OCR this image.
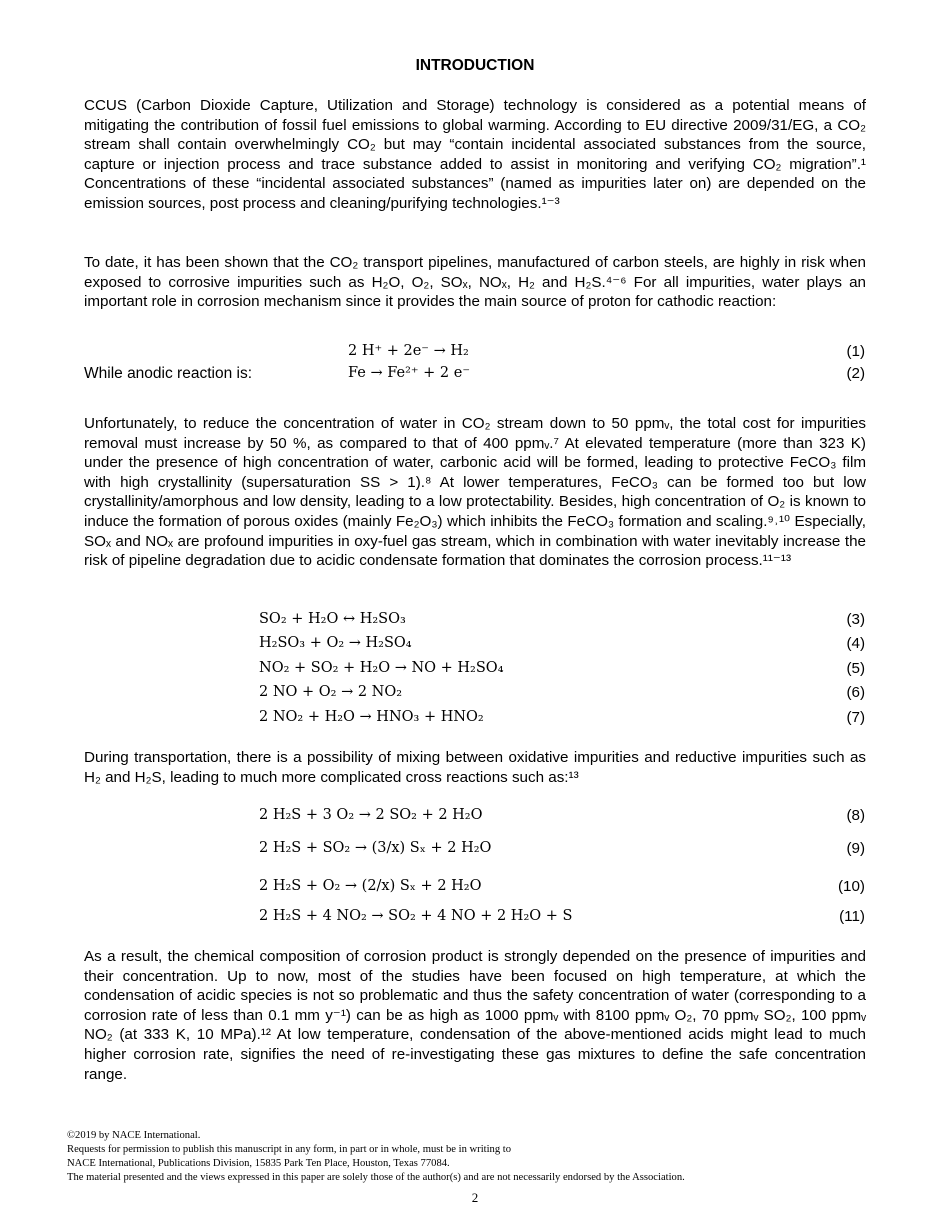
INTRODUCTION

CCUS (Carbon Dioxide Capture, Utilization and Storage) technology is considered as a potential means of mitigating the contribution of fossil fuel emissions to global warming. According to EU directive 2009/31/EG, a CO₂ stream shall contain overwhelmingly CO₂ but may “contain incidental associated substances from the source, capture or injection process and trace substance added to assist in monitoring and verifying CO₂ migration”.¹ Concentrations of these “incidental associated substances” (named as impurities later on) are depended on the emission sources, post process and cleaning/purifying technologies.¹⁻³

To date, it has been shown that the CO₂ transport pipelines, manufactured of carbon steels, are highly in risk when exposed to corrosive impurities such as H₂O, O₂, SOₓ, NOₓ, H₂ and H₂S.⁴⁻⁶ For all impurities, water plays an important role in corrosion mechanism since it provides the main source of proton for cathodic reaction:

2 H⁺ + 2e⁻ → H₂	(1)
While anodic reaction is:	Fe → Fe²⁺ + 2 e⁻	(2)

Unfortunately, to reduce the concentration of water in CO₂ stream down to 50 ppmᵥ, the total cost for impurities removal must increase by 50 %, as compared to that of 400 ppmᵥ.⁷ At elevated temperature (more than 323 K) under the presence of high concentration of water, carbonic acid will be formed, leading to protective FeCO₃ film with high crystallinity (supersaturation SS > 1).⁸ At lower temperatures, FeCO₃ can be formed too but low crystallinity/amorphous and low density, leading to a low protectability. Besides, high concentration of O₂ is known to induce the formation of porous oxides (mainly Fe₂O₃) which inhibits the FeCO₃ formation and scaling.⁹˒¹⁰ Especially, SOₓ and NOₓ are profound impurities in oxy-fuel gas stream, which in combination with water inevitably increase the risk of pipeline degradation due to acidic condensate formation that dominates the corrosion process.¹¹⁻¹³

SO₂ + H₂O ↔ H₂SO₃	(3)
H₂SO₃ + O₂ → H₂SO₄	(4)
NO₂ + SO₂ + H₂O → NO + H₂SO₄	(5)
2 NO + O₂ → 2 NO₂	(6)
2 NO₂ + H₂O → HNO₃ + HNO₂	(7)

During transportation, there is a possibility of mixing between oxidative impurities and reductive impurities such as H₂ and H₂S, leading to much more complicated cross reactions such as:¹³

2 H₂S + 3 O₂ → 2 SO₂ + 2 H₂O	(8)
2 H₂S + SO₂ → (3/x) Sₓ + 2 H₂O	(9)
2 H₂S + O₂ → (2/x) Sₓ + 2 H₂O	(10)
2 H₂S + 4 NO₂ → SO₂ + 4 NO + 2 H₂O + S	(11)

As a result, the chemical composition of corrosion product is strongly depended on the presence of impurities and their concentration. Up to now, most of the studies have been focused on high temperature, at which the condensation of acidic species is not so problematic and thus the safety concentration of water (corresponding to a corrosion rate of less than 0.1 mm y⁻¹) can be as high as 1000 ppmᵥ with 8100 ppmᵥ O₂, 70 ppmᵥ SO₂, 100 ppmᵥ NO₂ (at 333 K, 10 MPa).¹² At low temperature, condensation of the above-mentioned acids might lead to much higher corrosion rate, signifies the need of re-investigating these gas mixtures to define the safe concentration range.

©2019 by NACE International.
Requests for permission to publish this manuscript in any form, in part or in whole, must be in writing to
NACE International, Publications Division, 15835 Park Ten Place, Houston, Texas 77084.
The material presented and the views expressed in this paper are solely those of the author(s) and are not necessarily endorsed by the Association.
2
